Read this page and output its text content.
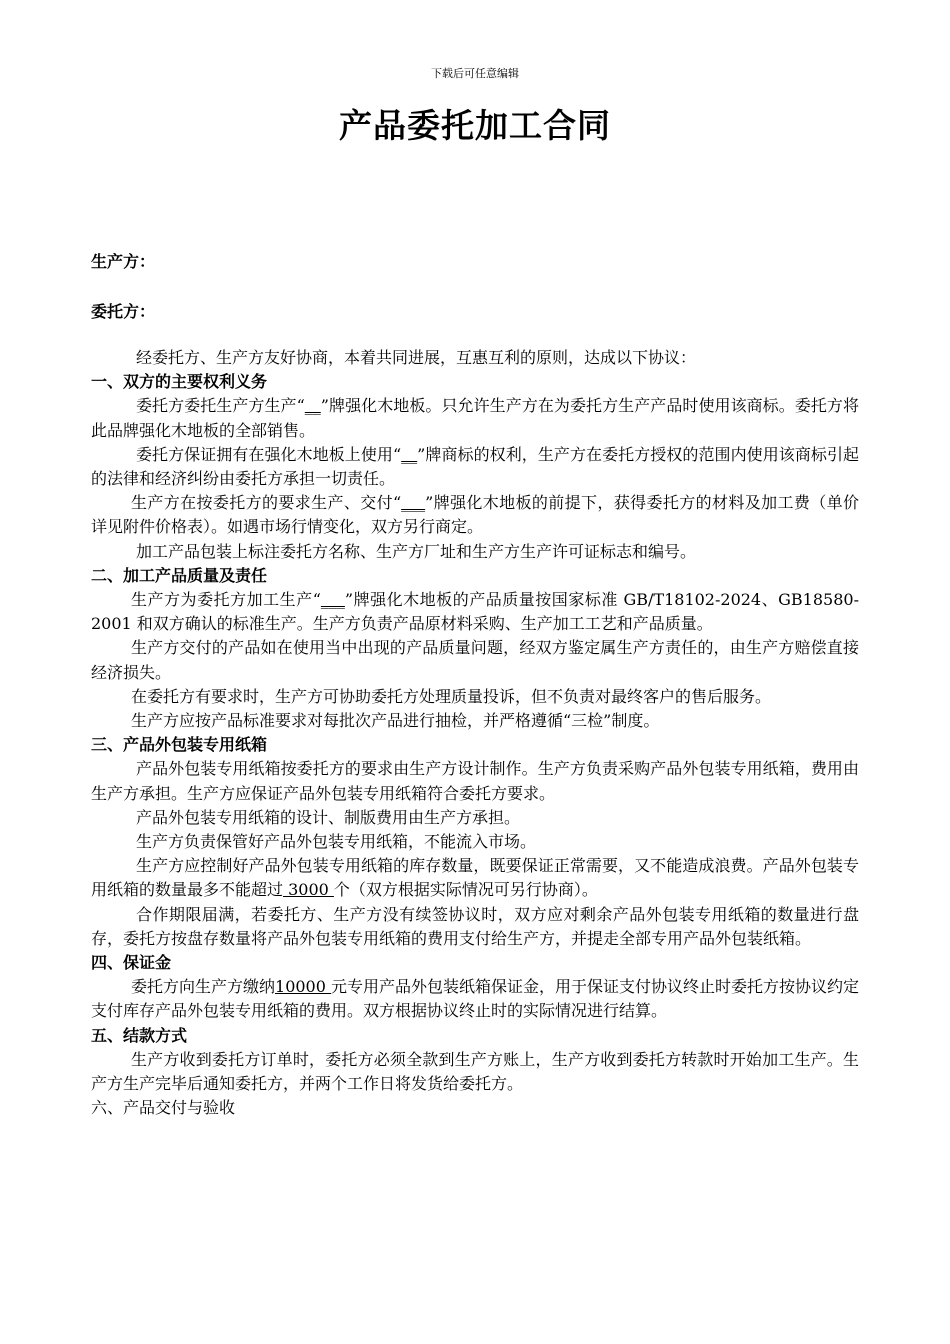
下载后可任意编辑
产品委托加工合同
生产方：
委托方：

经委托方、生产方友好协商，本着共同进展，互惠互利的原则，达成以下协议：

一、双方的主要权利义务

委托方委托生产方生产“__”牌强化木地板。只允许生产方在为委托方生产产品时使用该商标。委托方将此品牌强化木地板的全部销售。

委托方保证拥有在强化木地板上使用“__”牌商标的权利，生产方在委托方授权的范围内使用该商标引起的法律和经济纠纷由委托方承担一切责任。

生产方在按委托方的要求生产、交付“___”牌强化木地板的前提下，获得委托方的材料及加工费（单价详见附件价格表）。如遇市场行情变化，双方另行商定。

加工产品包装上标注委托方名称、生产方厂址和生产方生产许可证标志和编号。

二、加工产品质量及责任

生产方为委托方加工生产“___”牌强化木地板的产品质量按国家标准 GB/T18102-2024、GB18580-2001 和双方确认的标准生产。生产方负责产品原材料采购、生产加工工艺和产品质量。

生产方交付的产品如在使用当中出现的产品质量问题，经双方鉴定属生产方责任的，由生产方赔偿直接经济损失。

在委托方有要求时，生产方可协助委托方处理质量投诉，但不负责对最终客户的售后服务。

生产方应按产品标准要求对每批次产品进行抽检，并严格遵循“三检”制度。

三、产品外包装专用纸箱

产品外包装专用纸箱按委托方的要求由生产方设计制作。生产方负责采购产品外包装专用纸箱，费用由生产方承担。生产方应保证产品外包装专用纸箱符合委托方要求。

产品外包装专用纸箱的设计、制版费用由生产方承担。

生产方负责保管好产品外包装专用纸箱，不能流入市场。

生产方应控制好产品外包装专用纸箱的库存数量，既要保证正常需要，又不能造成浪费。产品外包装专用纸箱的数量最多不能超过 3000 个（双方根据实际情况可另行协商）。

合作期限届满，若委托方、生产方没有续签协议时，双方应对剩余产品外包装专用纸箱的数量进行盘存，委托方按盘存数量将产品外包装专用纸箱的费用支付给生产方，并提走全部专用产品外包装纸箱。

四、保证金

委托方向生产方缴纳10000 元专用产品外包装纸箱保证金，用于保证支付协议终止时委托方按协议约定支付库存产品外包装专用纸箱的费用。双方根据协议终止时的实际情况进行结算。

五、结款方式

生产方收到委托方订单时，委托方必须全款到生产方账上，生产方收到委托方转款时开始加工生产。生产方生产完毕后通知委托方，并两个工作日将发货给委托方。

六、产品交付与验收
